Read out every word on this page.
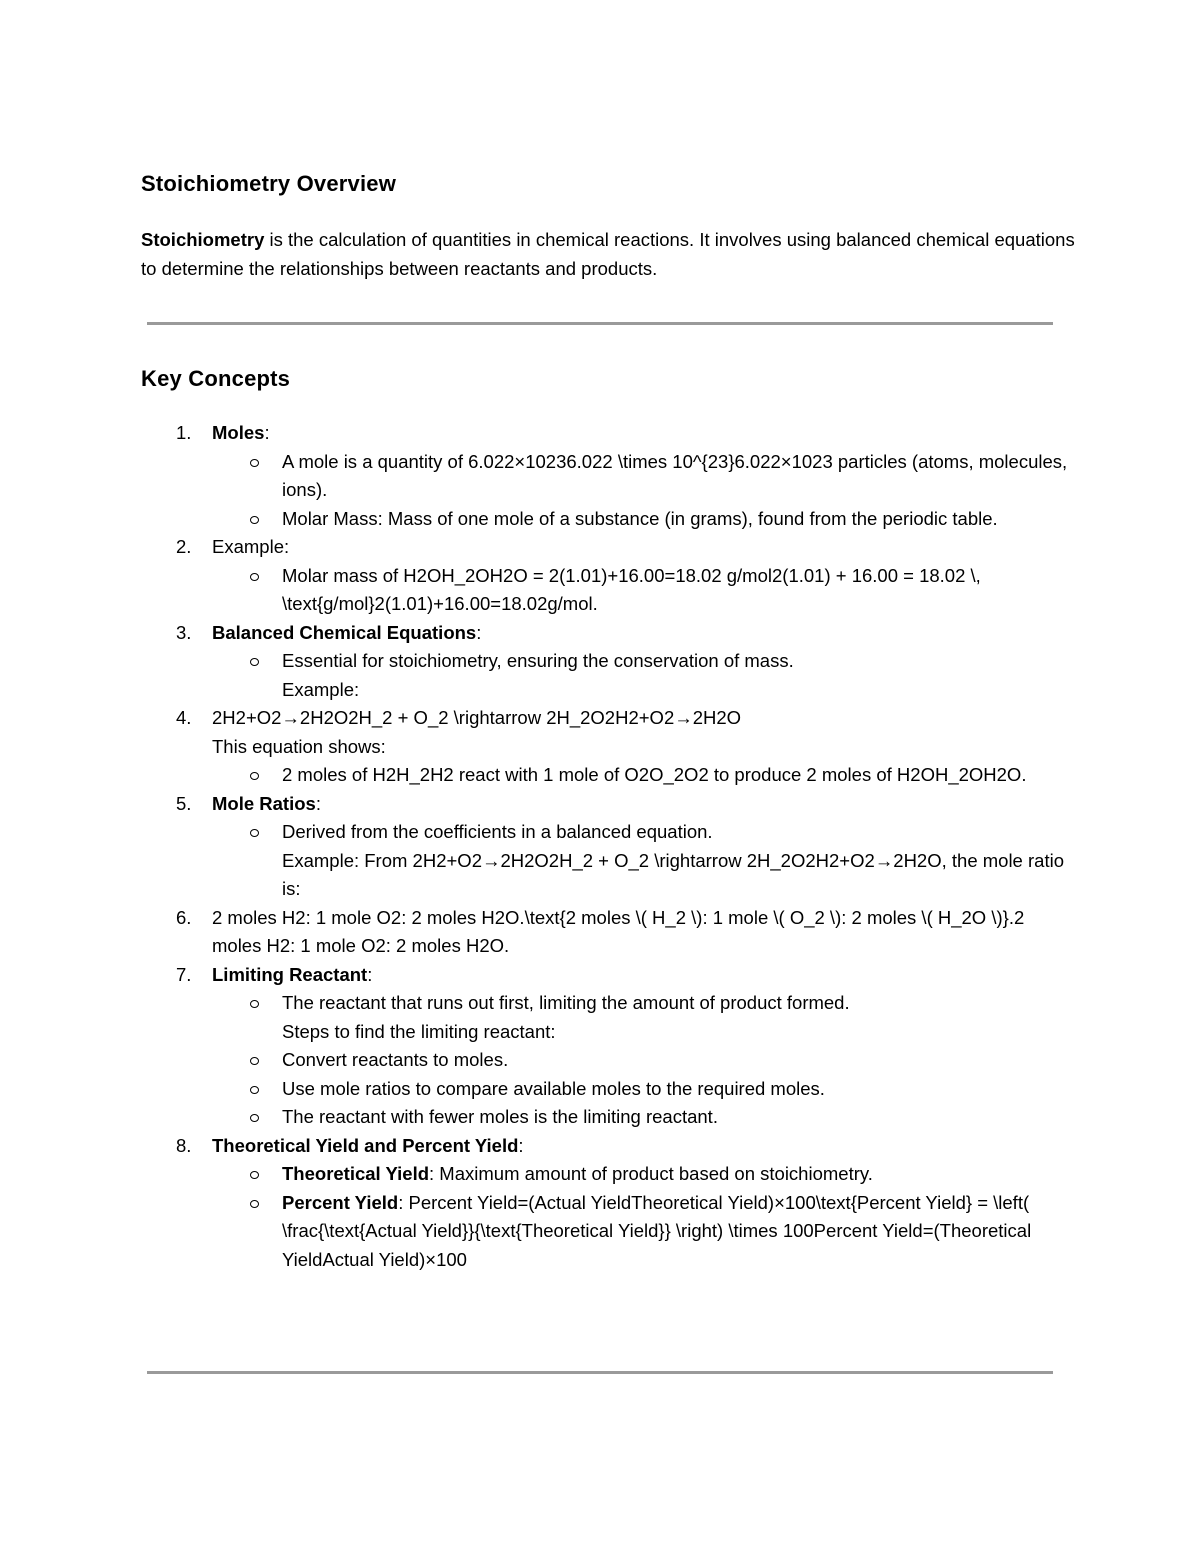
Stoichiometry Overview

Stoichiometry is the calculation of quantities in chemical reactions. It involves using balanced chemical equations to determine the relationships between reactants and products.

Key Concepts
1. Moles:
A mole is a quantity of 6.022×10236.022 \times 10^{23}6.022×1023 particles (atoms, molecules, ions).
Molar Mass: Mass of one mole of a substance (in grams), found from the periodic table.
2. Example:
Molar mass of H2OH_2OH2O = 2(1.01)+16.00=18.02 g/mol2(1.01) + 16.00 = 18.02 \, \text{g/mol}2(1.01)+16.00=18.02g/mol.
3. Balanced Chemical Equations:
Essential for stoichiometry, ensuring the conservation of mass.
Example:
4. 2H2+O2→2H2O2H_2 + O_2 \rightarrow 2H_2O2H2+O2→2H2O
This equation shows:
2 moles of H2H_2H2 react with 1 mole of O2O_2O2 to produce 2 moles of H2OH_2OH2O.
5. Mole Ratios:
Derived from the coefficients in a balanced equation.
Example: From 2H2+O2→2H2O2H_2 + O_2 \rightarrow 2H_2O2H2+O2→2H2O, the mole ratio is:
6. 2 moles H2: 1 mole O2: 2 moles H2O.\text{2 moles \( H_2 \): 1 mole \( O_2 \): 2 moles \( H_2O \)}.2 moles H2: 1 mole O2: 2 moles H2O.
7. Limiting Reactant:
The reactant that runs out first, limiting the amount of product formed.
Steps to find the limiting reactant:
Convert reactants to moles.
Use mole ratios to compare available moles to the required moles.
The reactant with fewer moles is the limiting reactant.
8. Theoretical Yield and Percent Yield:
Theoretical Yield: Maximum amount of product based on stoichiometry.
Percent Yield: Percent Yield=(Actual YieldTheoretical Yield)×100\text{Percent Yield} = \left( \frac{\text{Actual Yield}}{\text{Theoretical Yield}} \right) \times 100Percent Yield=(Theoretical YieldActual Yield)×100
